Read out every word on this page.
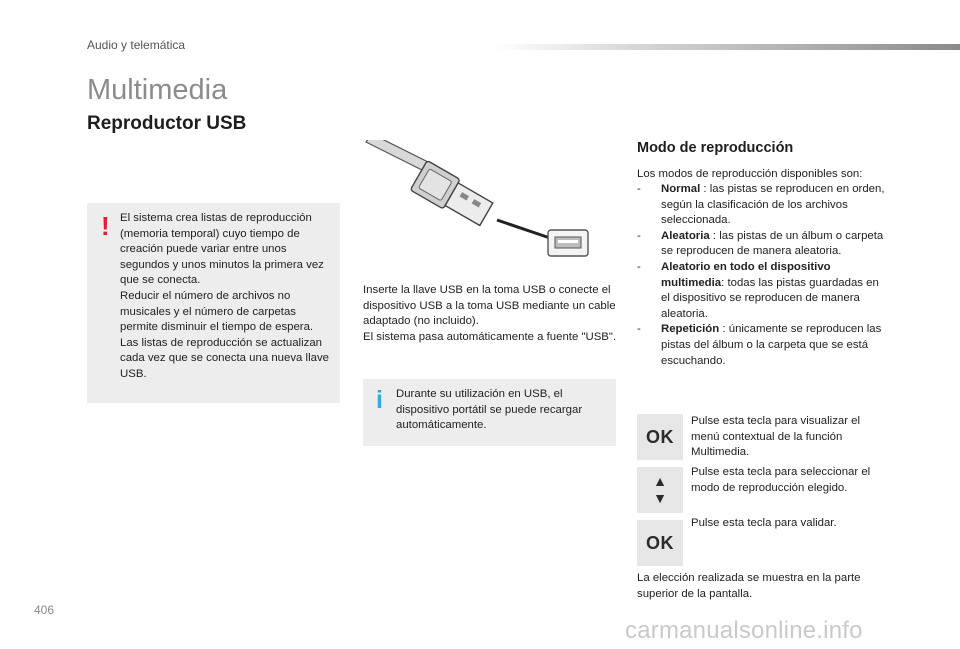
Audio y telemática
Multimedia
Reproductor USB
! El sistema crea listas de reproducción (memoria temporal) cuyo tiempo de creación puede variar entre unos segundos y unos minutos la primera vez que se conecta.
Reducir el número de archivos no musicales y el número de carpetas permite disminuir el tiempo de espera. Las listas de reproducción se actualizan cada vez que se conecta una nueva llave USB.
Inserte la llave USB en la toma USB o conecte el dispositivo USB a la toma USB mediante un cable adaptado (no incluido).
El sistema pasa automáticamente a fuente "USB".
i Durante su utilización en USB, el dispositivo portátil se puede recargar automáticamente.
Modo de reproducción
Los modos de reproducción disponibles son:
- Normal : las pistas se reproducen en orden, según la clasificación de los archivos seleccionada.
- Aleatoria : las pistas de un álbum o carpeta se reproducen de manera aleatoria.
- Aleatorio en todo el dispositivo multimedia: todas las pistas guardadas en el dispositivo se reproducen de manera aleatoria.
- Repetición : únicamente se reproducen las pistas del álbum o la carpeta que se está escuchando.
OK
Pulse esta tecla para visualizar el menú contextual de la función Multimedia.
▲
▼
Pulse esta tecla para seleccionar el modo de reproducción elegido.
OK
Pulse esta tecla para validar.
La elección realizada se muestra en la parte superior de la pantalla.
406
carmanualsonline.info
